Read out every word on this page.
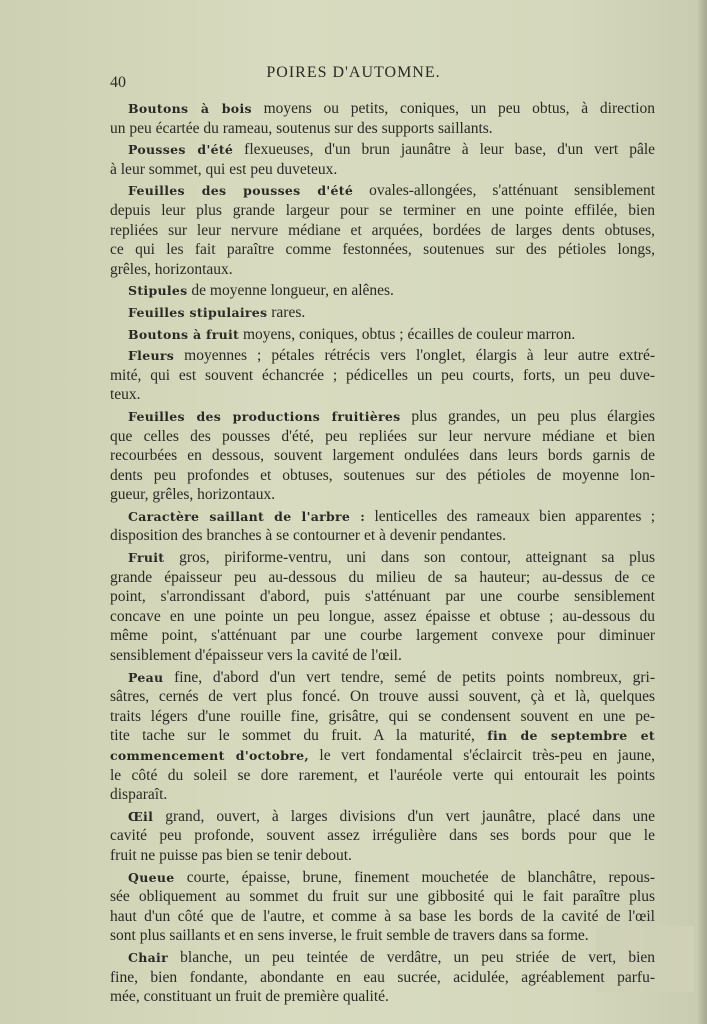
40
POIRES D'AUTOMNE.
Boutons à bois moyens ou petits, coniques, un peu obtus, à direction
un peu écartée du rameau, soutenus sur des supports saillants.
Pousses d'été flexueuses, d'un brun jaunâtre à leur base, d'un vert pâle
à leur sommet, qui est peu duveteux.
Feuilles des pousses d'été ovales-allongées, s'atténuant sensiblement
depuis leur plus grande largeur pour se terminer en une pointe effilée, bien
repliées sur leur nervure médiane et arquées, bordées de larges dents obtuses,
ce qui les fait paraître comme festonnées, soutenues sur des pétioles longs,
grêles, horizontaux.
Stipules de moyenne longueur, en alênes.
Feuilles stipulaires rares.
Boutons à fruit moyens, coniques, obtus ; écailles de couleur marron.
Fleurs moyennes ; pétales rétrécis vers l'onglet, élargis à leur autre extré-
mité, qui est souvent échancrée ; pédicelles un peu courts, forts, un peu duve-
teux.
Feuilles des productions fruitières plus grandes, un peu plus élargies
que celles des pousses d'été, peu repliées sur leur nervure médiane et bien
recourbées en dessous, souvent largement ondulées dans leurs bords garnis de
dents peu profondes et obtuses, soutenues sur des pétioles de moyenne lon-
gueur, grêles, horizontaux.
Caractère saillant de l'arbre : lenticelles des rameaux bien apparentes ;
disposition des branches à se contourner et à devenir pendantes.
Fruit gros, piriforme-ventru, uni dans son contour, atteignant sa plus
grande épaisseur peu au-dessous du milieu de sa hauteur; au-dessus de ce
point, s'arrondissant d'abord, puis s'atténuant par une courbe sensiblement
concave en une pointe un peu longue, assez épaisse et obtuse ; au-dessous du
même point, s'atténuant par une courbe largement convexe pour diminuer
sensiblement d'épaisseur vers la cavité de l'œil.
Peau fine, d'abord d'un vert tendre, semé de petits points nombreux, gri-
sâtres, cernés de vert plus foncé. On trouve aussi souvent, çà et là, quelques
traits légers d'une rouille fine, grisâtre, qui se condensent souvent en une pe-
tite tache sur le sommet du fruit. A la maturité, fin de septembre et
commencement d'octobre, le vert fondamental s'éclaircit très-peu en jaune,
le côté du soleil se dore rarement, et l'auréole verte qui entourait les points
disparaît.
Œil grand, ouvert, à larges divisions d'un vert jaunâtre, placé dans une
cavité peu profonde, souvent assez irrégulière dans ses bords pour que le
fruit ne puisse pas bien se tenir debout.
Queue courte, épaisse, brune, finement mouchetée de blanchâtre, repous-
sée obliquement au sommet du fruit sur une gibbosité qui le fait paraître plus
haut d'un côté que de l'autre, et comme à sa base les bords de la cavité de l'œil
sont plus saillants et en sens inverse, le fruit semble de travers dans sa forme.
Chair blanche, un peu teintée de verdâtre, un peu striée de vert, bien
fine, bien fondante, abondante en eau sucrée, acidulée, agréablement parfu-
mée, constituant un fruit de première qualité.
